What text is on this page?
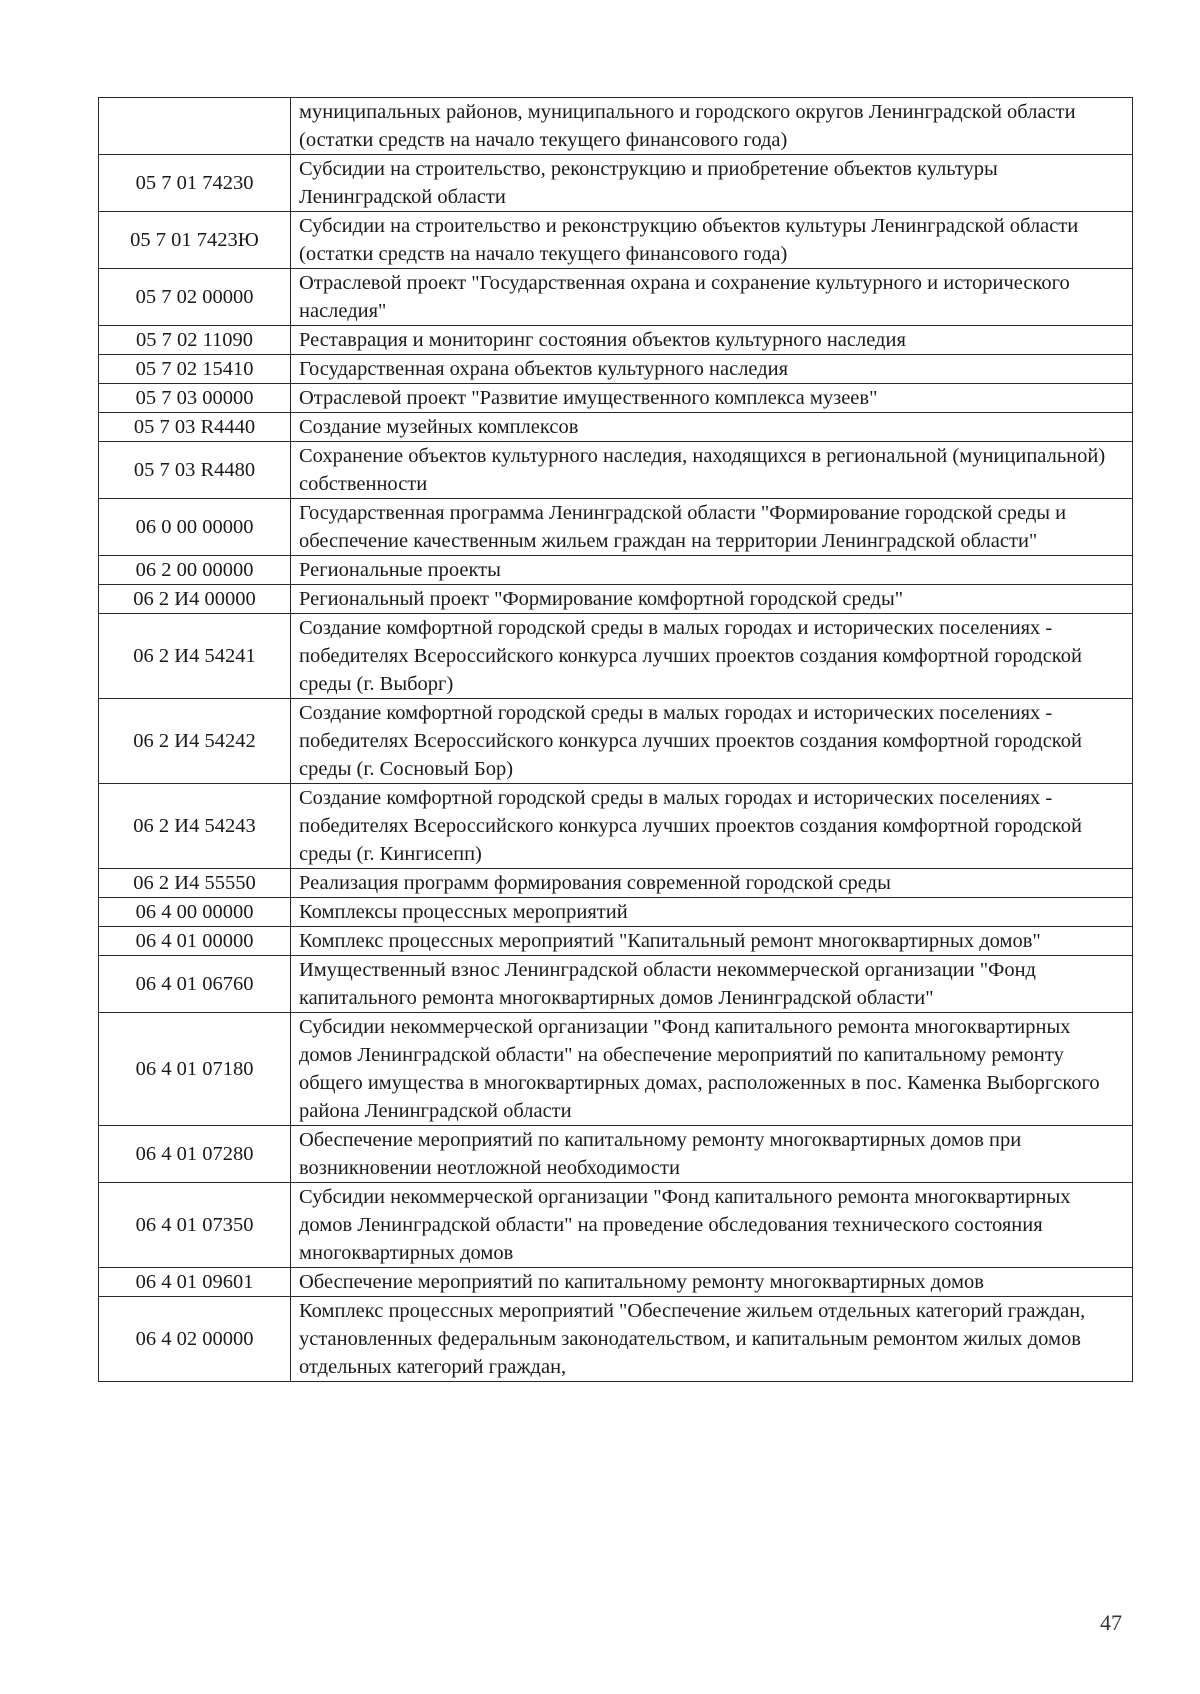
	муниципальных районов, муниципального и городского округов Ленинградской области (остатки средств на начало текущего финансового года)
05 7 01 74230	Субсидии на строительство, реконструкцию и приобретение объектов культуры Ленинградской области
05 7 01 7423Ю	Субсидии на строительство и реконструкцию объектов культуры Ленинградской области (остатки средств на начало текущего финансового года)
05 7 02 00000	Отраслевой проект "Государственная охрана и сохранение культурного и исторического наследия"
05 7 02 11090	Реставрация и мониторинг состояния объектов культурного наследия
05 7 02 15410	Государственная охрана объектов культурного наследия
05 7 03 00000	Отраслевой проект "Развитие имущественного комплекса музеев"
05 7 03 R4440	Создание музейных комплексов
05 7 03 R4480	Сохранение объектов культурного наследия, находящихся в региональной (муниципальной) собственности
06 0 00 00000	Государственная программа Ленинградской области "Формирование городской среды и обеспечение качественным жильем граждан на территории Ленинградской области"
06 2 00 00000	Региональные проекты
06 2 И4 00000	Региональный проект "Формирование комфортной городской среды"
06 2 И4 54241	Создание комфортной городской среды в малых городах и исторических поселениях - победителях Всероссийского конкурса лучших проектов создания комфортной городской среды (г. Выборг)
06 2 И4 54242	Создание комфортной городской среды в малых городах и исторических поселениях - победителях Всероссийского конкурса лучших проектов создания комфортной городской среды (г. Сосновый Бор)
06 2 И4 54243	Создание комфортной городской среды в малых городах и исторических поселениях - победителях Всероссийского конкурса лучших проектов создания комфортной городской среды (г. Кингисепп)
06 2 И4 55550	Реализация программ формирования современной городской среды
06 4 00 00000	Комплексы процессных мероприятий
06 4 01 00000	Комплекс процессных мероприятий "Капитальный ремонт многоквартирных домов"
06 4 01 06760	Имущественный взнос Ленинградской области некоммерческой организации "Фонд капитального ремонта многоквартирных домов Ленинградской области"
06 4 01 07180	Субсидии некоммерческой организации "Фонд капитального ремонта многоквартирных домов Ленинградской области" на обеспечение мероприятий по капитальному ремонту общего имущества в многоквартирных домах, расположенных в пос. Каменка Выборгского района Ленинградской области
06 4 01 07280	Обеспечение мероприятий по капитальному ремонту многоквартирных домов при возникновении неотложной необходимости
06 4 01 07350	Субсидии некоммерческой организации "Фонд капитального ремонта многоквартирных домов Ленинградской области" на проведение обследования технического состояния многоквартирных домов
06 4 01 09601	Обеспечение мероприятий по капитальному ремонту многоквартирных домов
06 4 02 00000	Комплекс процессных мероприятий "Обеспечение жильем отдельных категорий граждан, установленных федеральным законодательством, и капитальным ремонтом жилых домов отдельных категорий граждан,
47
